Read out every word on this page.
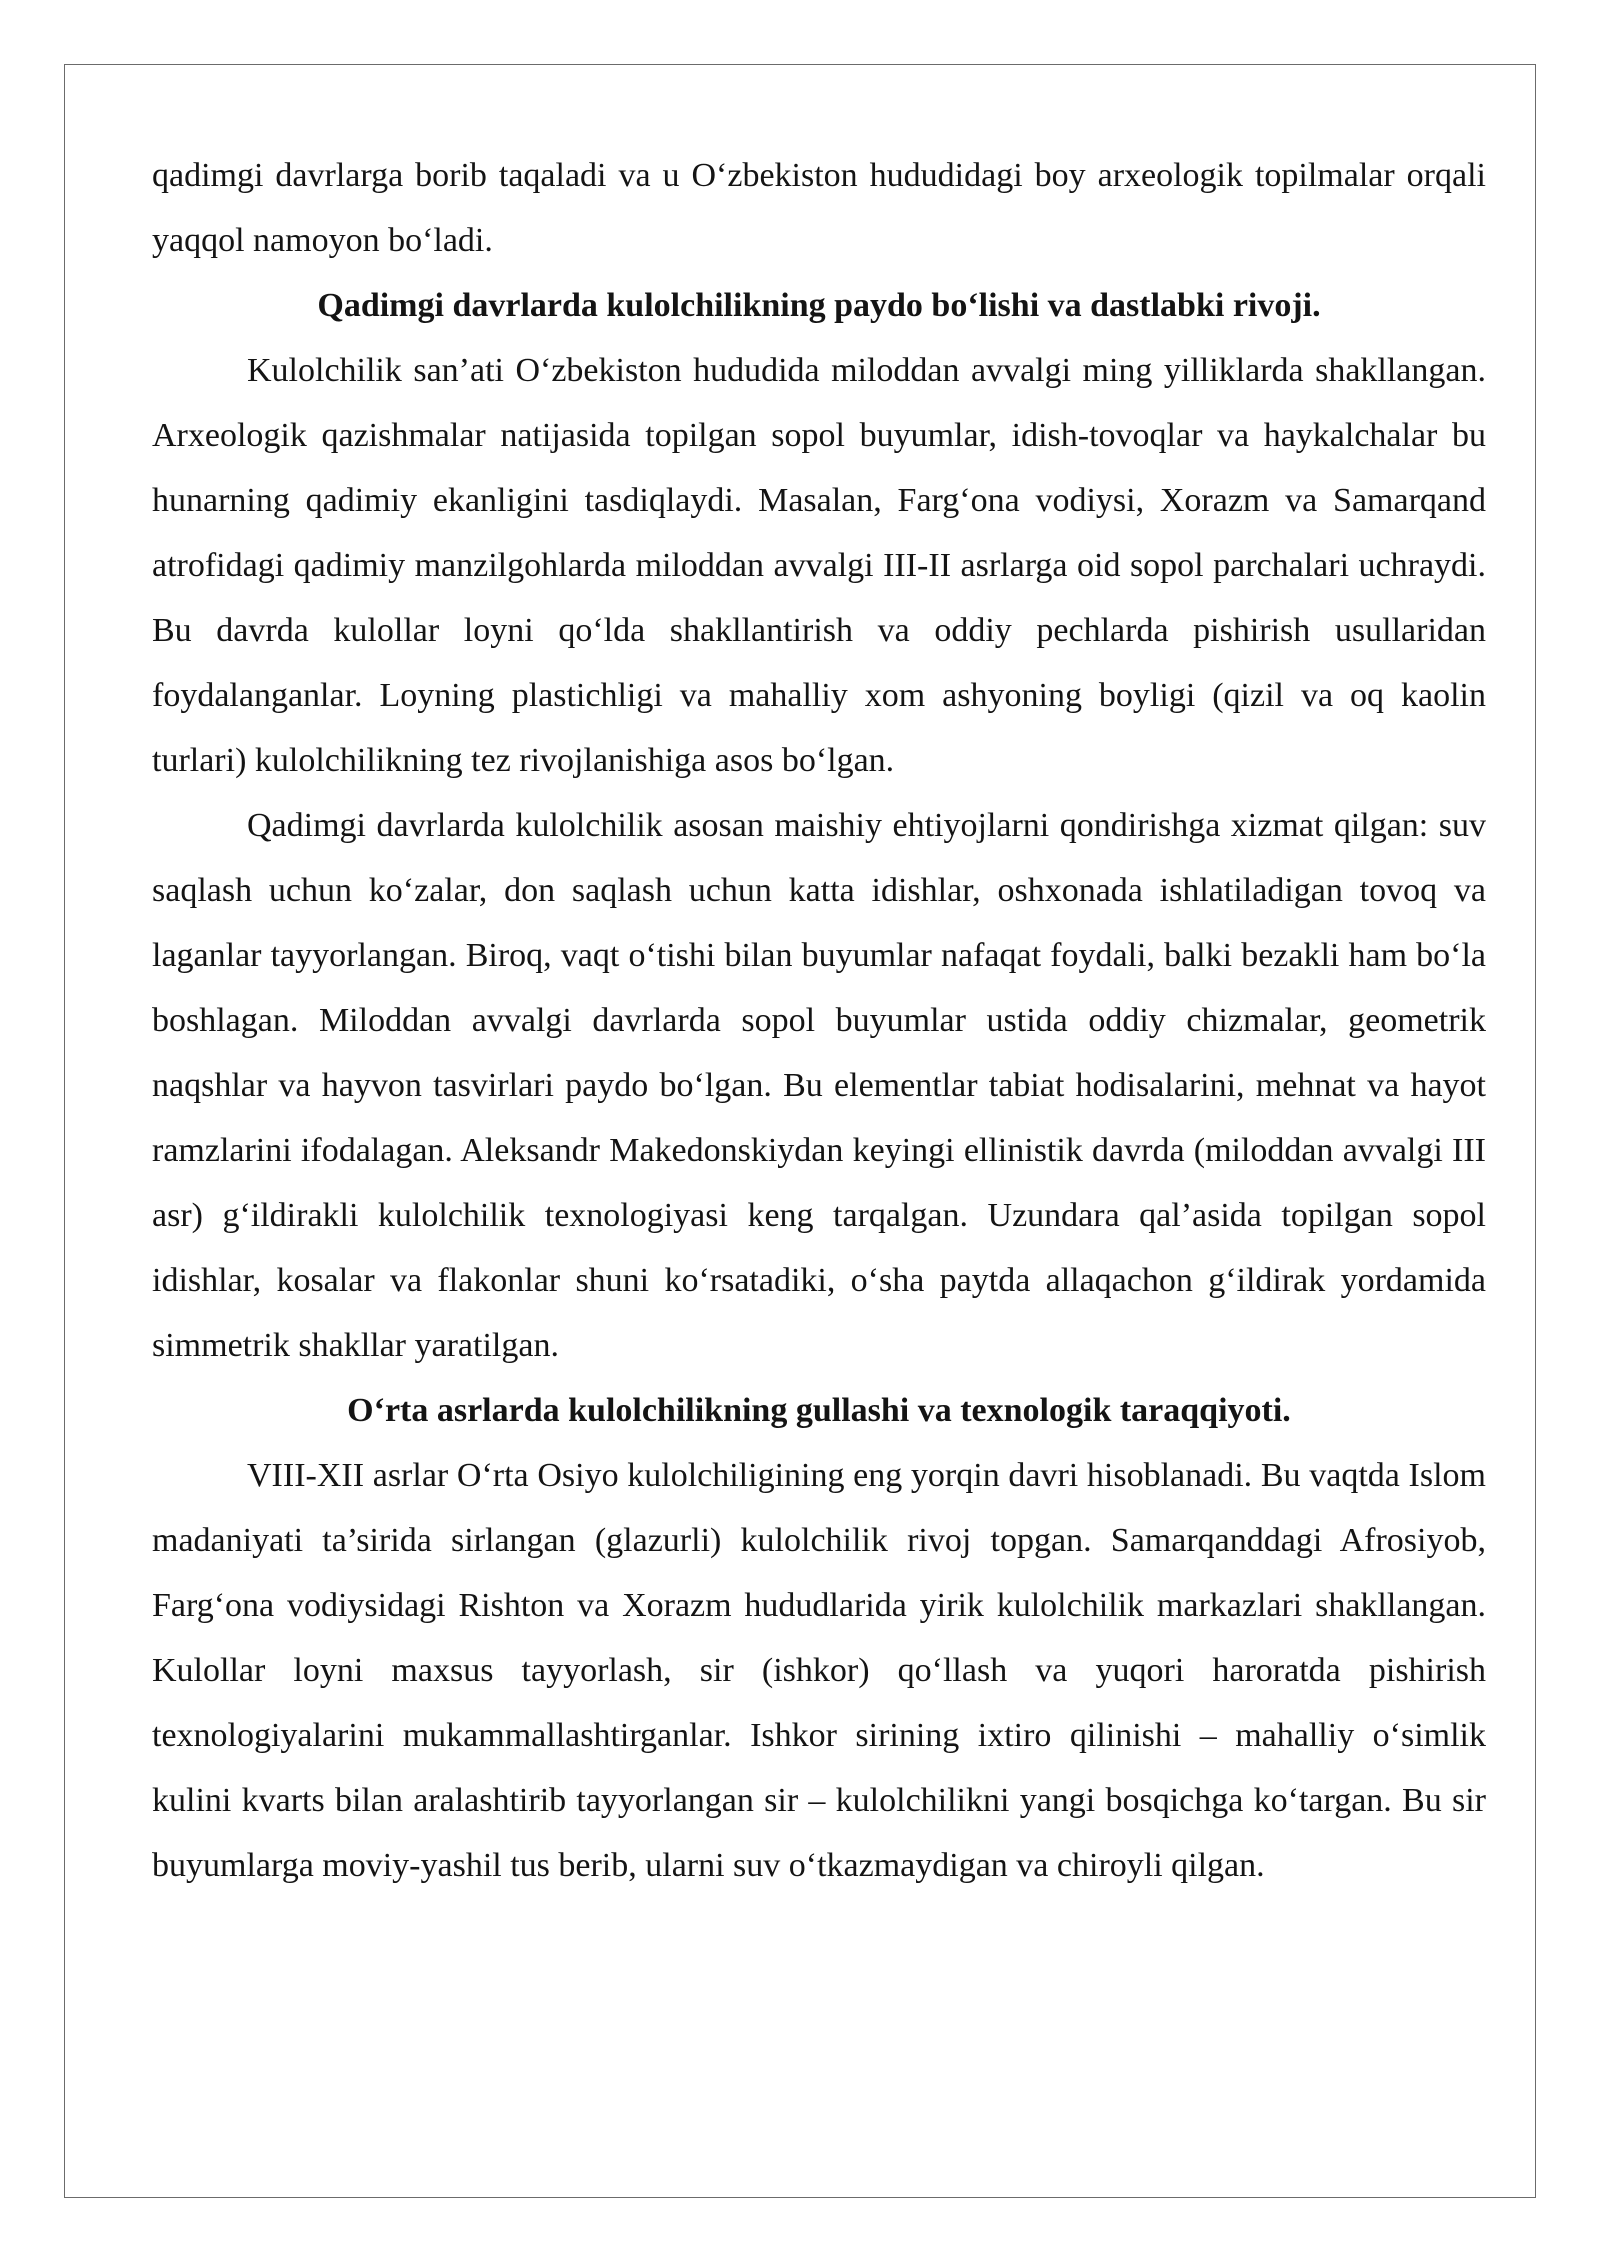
qadimgi davrlarga borib taqaladi va u O‘zbekiston hududidagi boy arxeologik topilmalar orqali yaqqol namoyon bo‘ladi.

Qadimgi davrlarda kulolchilikning paydo bo‘lishi va dastlabki rivoji.

Kulolchilik san’ati O‘zbekiston hududida miloddan avvalgi ming yilliklarda shakllangan. Arxeologik qazishmalar natijasida topilgan sopol buyumlar, idish-tovoqlar va haykalchalar bu hunarning qadimiy ekanligini tasdiqlaydi. Masalan, Farg‘ona vodiysi, Xorazm va Samarqand atrofidagi qadimiy manzilgohlarda miloddan avvalgi III-II asrlarga oid sopol parchalari uchraydi. Bu davrda kulollar loyni qo‘lda shakllantirish va oddiy pechlarda pishirish usullaridan foydalanganlar. Loyning plastichligi va mahalliy xom ashyoning boyligi (qizil va oq kaolin turlari) kulolchilikning tez rivojlanishiga asos bo‘lgan.

Qadimgi davrlarda kulolchilik asosan maishiy ehtiyojlarni qondirishga xizmat qilgan: suv saqlash uchun ko‘zalar, don saqlash uchun katta idishlar, oshxonada ishlatiladigan tovoq va laganlar tayyorlangan. Biroq, vaqt o‘tishi bilan buyumlar nafaqat foydali, balki bezakli ham bo‘la boshlagan. Miloddan avvalgi davrlarda sopol buyumlar ustida oddiy chizmalar, geometrik naqshlar va hayvon tasvirlari paydo bo‘lgan. Bu elementlar tabiat hodisalarini, mehnat va hayot ramzlarini ifodalagan. Aleksandr Makedonskiydan keyingi ellinistik davrda (miloddan avvalgi III asr) g‘ildirakli kulolchilik texnologiyasi keng tarqalgan. Uzundara qal’asida topilgan sopol idishlar, kosalar va flakonlar shuni ko‘rsatadiki, o‘sha paytda allaqachon g‘ildirak yordamida simmetrik shakllar yaratilgan.

O‘rta asrlarda kulolchilikning gullashi va texnologik taraqqiyoti.

VIII-XII asrlar O‘rta Osiyo kulolchiligining eng yorqin davri hisoblanadi. Bu vaqtda Islom madaniyati ta’sirida sirlangan (glazurli) kulolchilik rivoj topgan. Samarqanddagi Afrosiyob, Farg‘ona vodiysidagi Rishton va Xorazm hududlarida yirik kulolchilik markazlari shakllangan. Kulollar loyni maxsus tayyorlash, sir (ishkor) qo‘llash va yuqori haroratda pishirish texnologiyalarini mukammallashtirganlar. Ishkor sirining ixtiro qilinishi – mahalliy o‘simlik kulini kvarts bilan aralashtirib tayyorlangan sir – kulolchilikni yangi bosqichga ko‘targan. Bu sir buyumlarga moviy-yashil tus berib, ularni suv o‘tkazmaydigan va chiroyli qilgan.
